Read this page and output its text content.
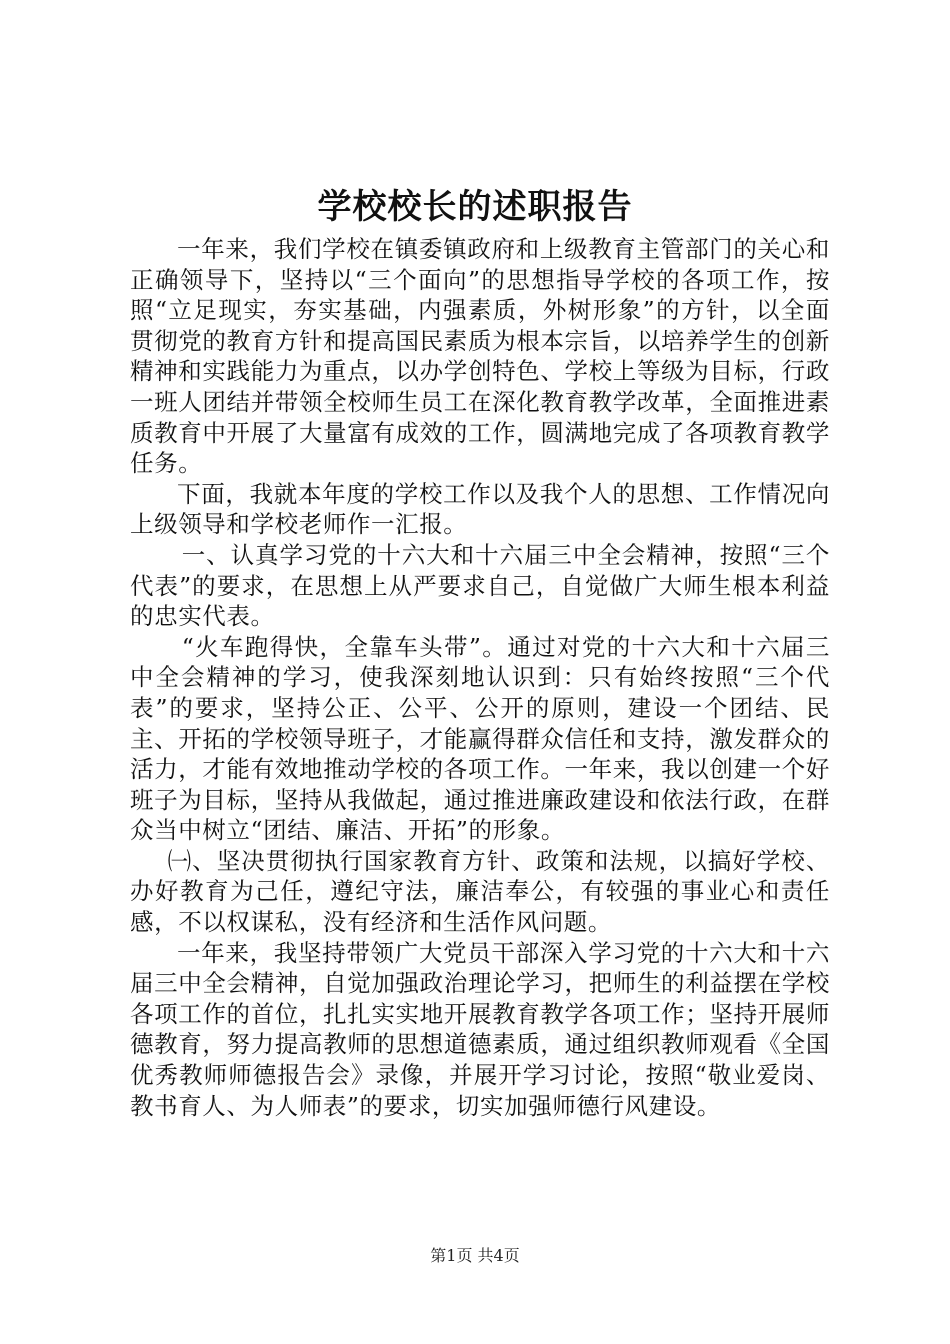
学校校长的述职报告

一年来，我们学校在镇委镇政府和上级教育主管部门的关心和正确领导下，坚持以“三个面向”的思想指导学校的各项工作，按照“立足现实，夯实基础，内强素质，外树形象”的方针，以全面贯彻党的教育方针和提高国民素质为根本宗旨，以培养学生的创新精神和实践能力为重点，以办学创特色、学校上等级为目标，行政一班人团结并带领全校师生员工在深化教育教学改革，全面推进素质教育中开展了大量富有成效的工作，圆满地完成了各项教育教学任务。

下面，我就本年度的学校工作以及我个人的思想、工作情况向上级领导和学校老师作一汇报。

一、认真学习党的十六大和十六届三中全会精神，按照“三个代表”的要求，在思想上从严要求自己，自觉做广大师生根本利益的忠实代表。

“火车跑得快，全靠车头带”。通过对党的十六大和十六届三中全会精神的学习，使我深刻地认识到：只有始终按照“三个代表”的要求，坚持公正、公平、公开的原则，建设一个团结、民主、开拓的学校领导班子，才能赢得群众信任和支持，激发群众的活力，才能有效地推动学校的各项工作。一年来，我以创建一个好班子为目标，坚持从我做起，通过推进廉政建设和依法行政，在群众当中树立“团结、廉洁、开拓”的形象。

㈠、坚决贯彻执行国家教育方针、政策和法规，以搞好学校、办好教育为己任，遵纪守法，廉洁奉公，有较强的事业心和责任感，不以权谋私，没有经济和生活作风问题。

一年来，我坚持带领广大党员干部深入学习党的十六大和十六届三中全会精神，自觉加强政治理论学习，把师生的利益摆在学校各项工作的首位，扎扎实实地开展教育教学各项工作；坚持开展师德教育，努力提高教师的思想道德素质，通过组织教师观看《全国优秀教师师德报告会》录像，并展开学习讨论，按照“敬业爱岗、教书育人、为人师表”的要求，切实加强师德行风建设。

第1页 共4页
